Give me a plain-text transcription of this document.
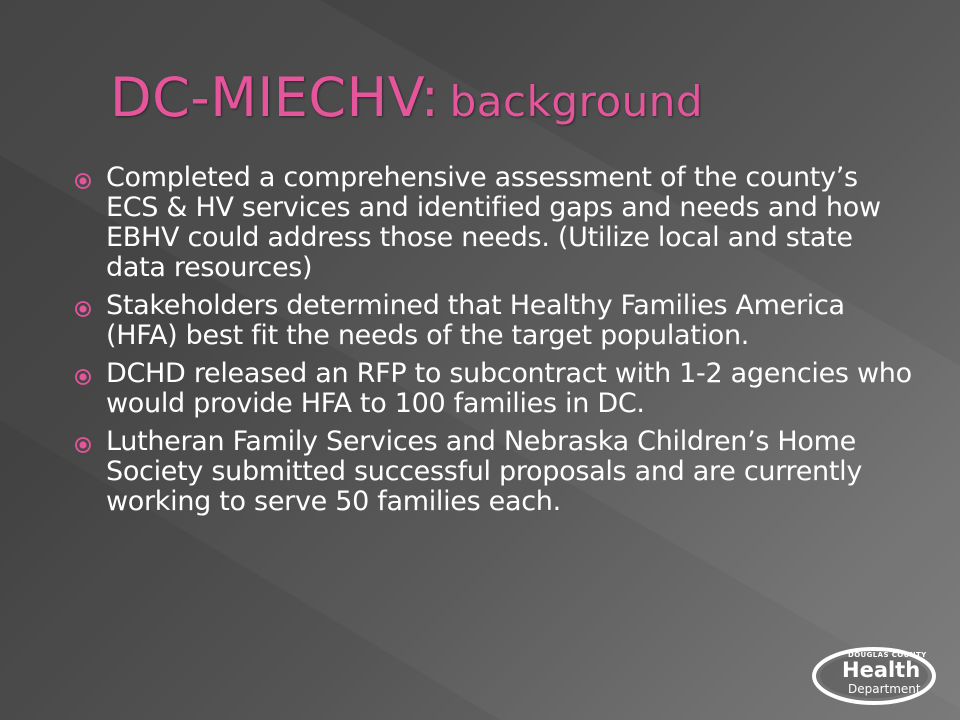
DC-MIECHV: background
Completed a comprehensive assessment of the county’s ECS & HV services and identified gaps and needs and how EBHV could address those needs. (Utilize local and state data resources)
Stakeholders determined that Healthy Families America (HFA) best fit the needs of the target population.
DCHD released an RFP to subcontract with 1-2 agencies who would provide HFA to 100 families in DC.
Lutheran Family Services and Nebraska Children’s Home Society submitted successful proposals and are currently working to serve 50 families each.
DOUGLAS COUNTY
Health
Department
